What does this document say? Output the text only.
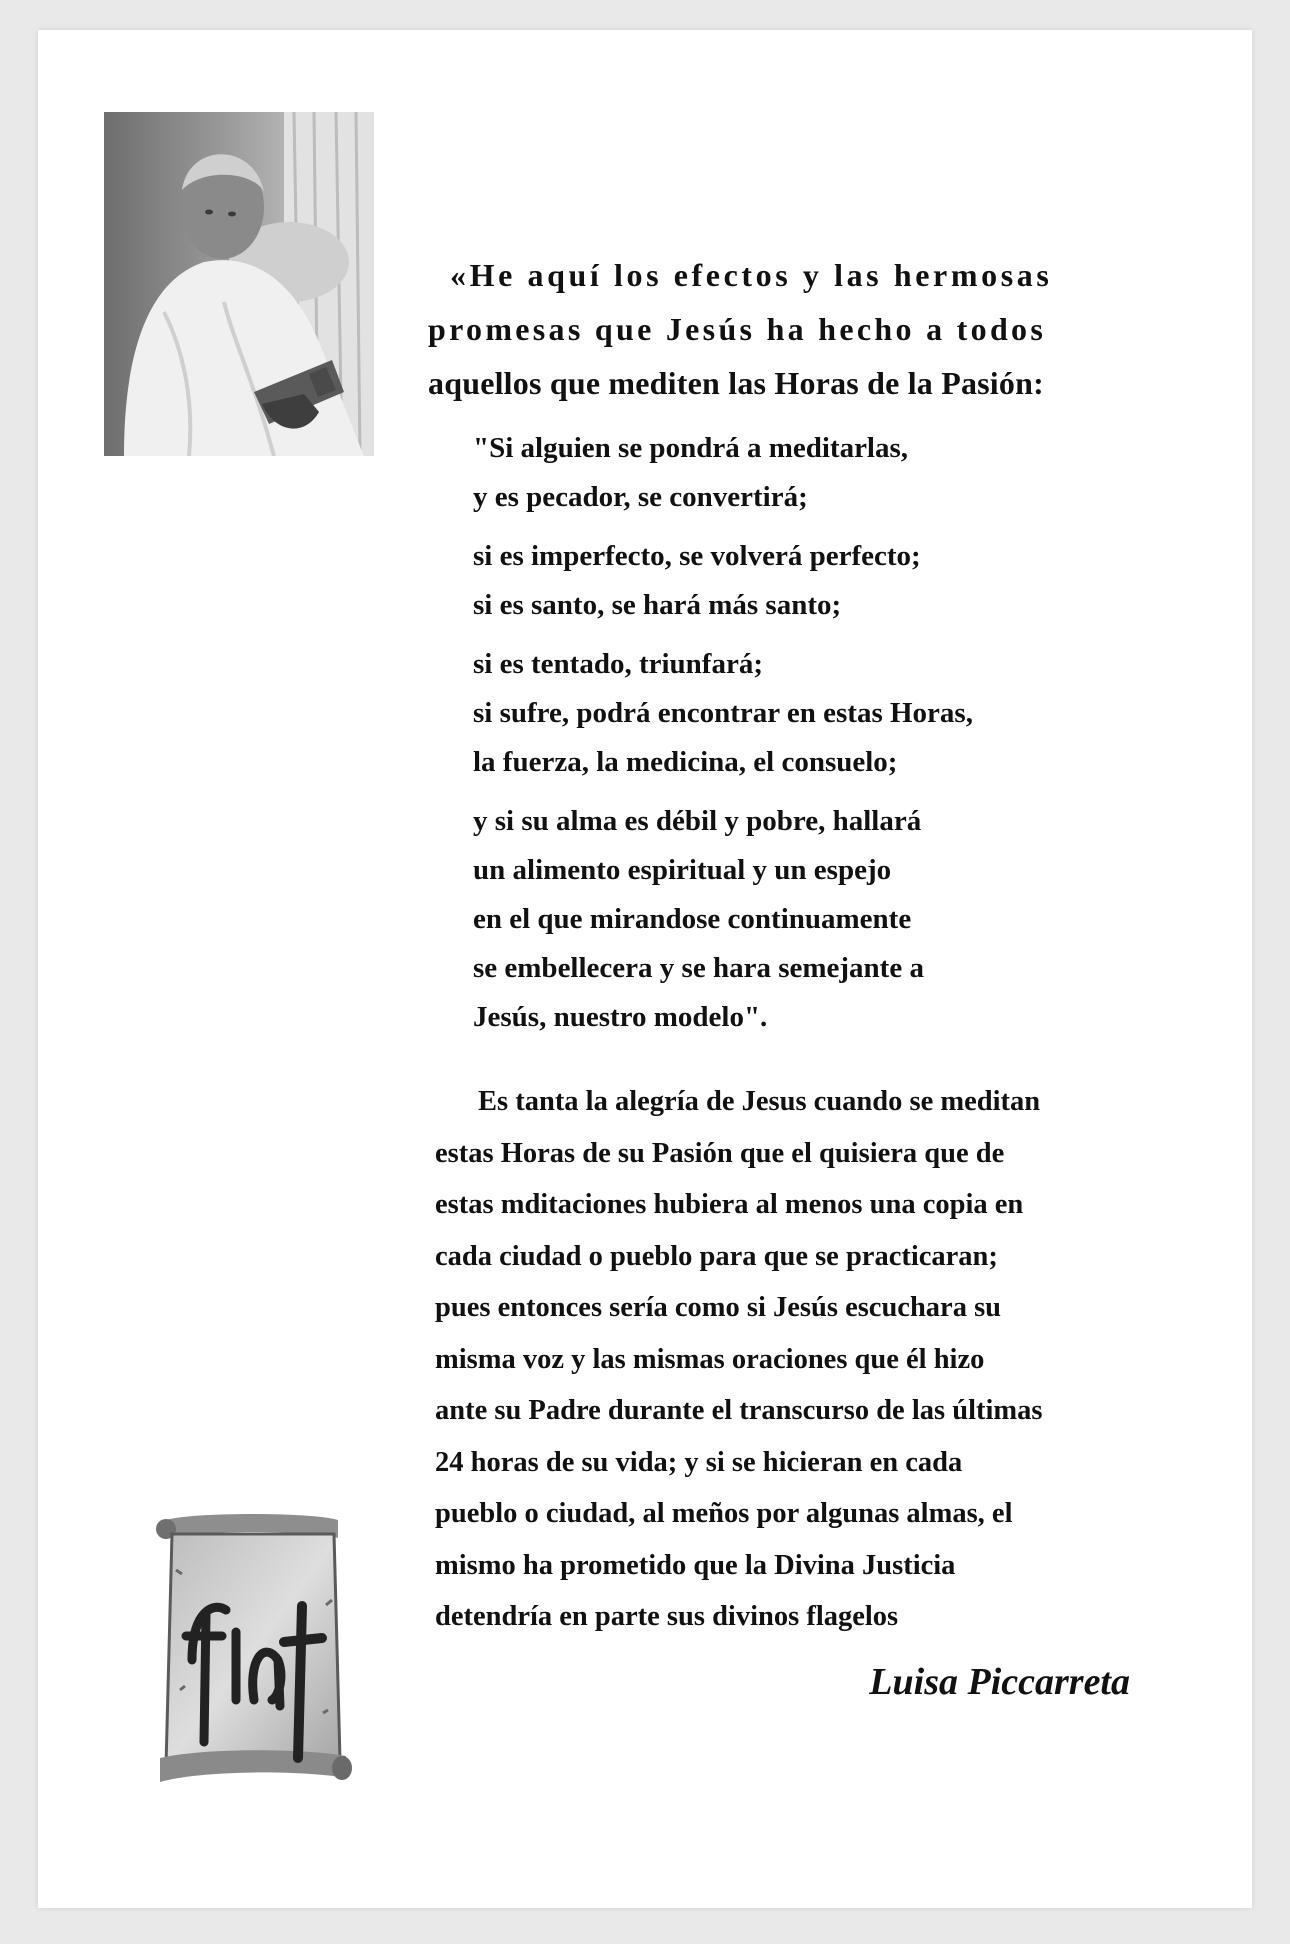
«He aquí los efectos y las hermosas
promesas que Jesús ha hecho a todos
aquellos que mediten las Horas de la Pasión:
"Si alguien se pondrá a meditarlas,
y es pecador, se convertirá;
si es imperfecto, se volverá perfecto;
si es santo, se hará más santo;
si es tentado, triunfará;
si sufre, podrá encontrar en estas Horas,
la fuerza, la medicina, el consuelo;
y si su alma es débil y pobre, hallará
un alimento espiritual y un espejo
en el que mirandose continuamente
se embellecera y se hara semejante a
Jesús, nuestro modelo".
Es tanta la alegría de Jesus cuando se meditan
estas Horas de su Pasión que el quisiera que de
estas mditaciones hubiera al menos una copia en
cada ciudad o pueblo para que se practicaran;
pues entonces sería como si Jesús escuchara su
misma voz y las mismas oraciones que él hizo
ante su Padre durante el transcurso de las últimas
24 horas de su vida; y si se hicieran en cada
pueblo o ciudad, al meños por algunas almas, el
mismo ha prometido que la Divina Justicia
detendría en parte sus divinos flagelos
Luisa Piccarreta
